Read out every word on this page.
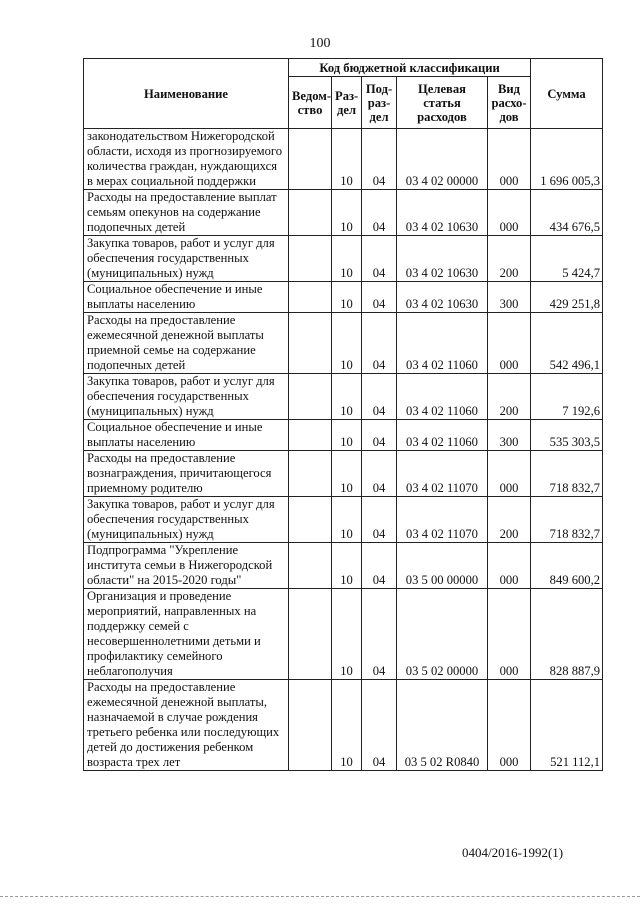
100
Наименование	Код бюджетной классификации					Сумма
	Ведом-ство	Раз-дел	Под-раз-дел	Целевая статья расходов	Вид расхо-дов	
законодательством Нижегородской области, исходя из прогнозируемого количества граждан, нуждающихся в мерах социальной поддержки		10	04	03 4 02 00000	000	1 696 005,3
Расходы на предоставление выплат семьям опекунов на содержание подопечных детей		10	04	03 4 02 10630	000	434 676,5
Закупка товаров, работ и услуг для обеспечения государственных (муниципальных) нужд		10	04	03 4 02 10630	200	5 424,7
Социальное обеспечение и иные выплаты населению		10	04	03 4 02 10630	300	429 251,8
Расходы на предоставление ежемесячной денежной выплаты приемной семье на содержание подопечных детей		10	04	03 4 02 11060	000	542 496,1
Закупка товаров, работ и услуг для обеспечения государственных (муниципальных) нужд		10	04	03 4 02 11060	200	7 192,6
Социальное обеспечение и иные выплаты населению		10	04	03 4 02 11060	300	535 303,5
Расходы на предоставление вознаграждения, причитающегося приемному родителю		10	04	03 4 02 11070	000	718 832,7
Закупка товаров, работ и услуг для обеспечения государственных (муниципальных) нужд		10	04	03 4 02 11070	200	718 832,7
Подпрограмма "Укрепление института семьи в Нижегородской области" на 2015-2020 годы"		10	04	03 5 00 00000	000	849 600,2
Организация и проведение мероприятий, направленных на поддержку семей с несовершеннолетними детьми и профилактику семейного неблагополучия		10	04	03 5 02 00000	000	828 887,9
Расходы на предоставление ежемесячной денежной выплаты, назначаемой в случае рождения третьего ребенка или последующих детей до достижения ребенком возраста трех лет		10	04	03 5 02 R0840	000	521 112,1
0404/2016-1992(1)
